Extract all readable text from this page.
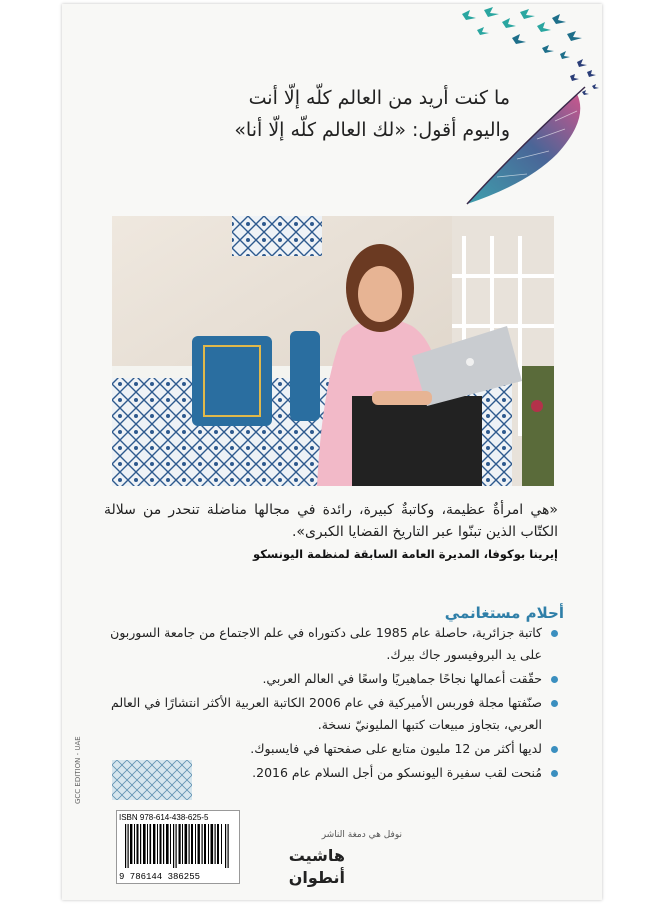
ما كنت أريد من العالم كلّه إلّا أنت
واليوم أقول: «لك العالم كلّه إلّا أنا»
«هي امرأةٌ عظيمة، وكاتبةٌ كبيرة، رائدة في مجالها مناضلة تنحدر من سلالة الكتّاب الذين تبنّوا عبر التاريخ القضايا الكبرى».
إيرينا بوكوفا، المديرة العامة السابقة لمنظمة اليونسكو
أحلام مستغانمي
كاتبة جزائرية، حاصلة عام 1985 على دكتوراه في علم الاجتماع من جامعة السوربون على يد البروفيسور جاك بيرك.
حقّقت أعمالها نجاحًا جماهيريًا واسعًا في العالم العربي.
صنّفتها مجلة فوربس الأميركية في عام 2006 الكاتبة العربية الأكثر انتشارًا في العالم العربي، بتجاوز مبيعات كتبها المليونيّ نسخة.
لديها أكثر من 12 مليون متابع على صفحتها في فايسبوك.
مُنحت لقب سفيرة اليونسكو من أجل السلام عام 2016.
GCC EDITION - UAE
ISBN 978-614-438-625-5
9 786144 386255
نوفل هي دمغة الناشر
هاشيت
أنطوان
